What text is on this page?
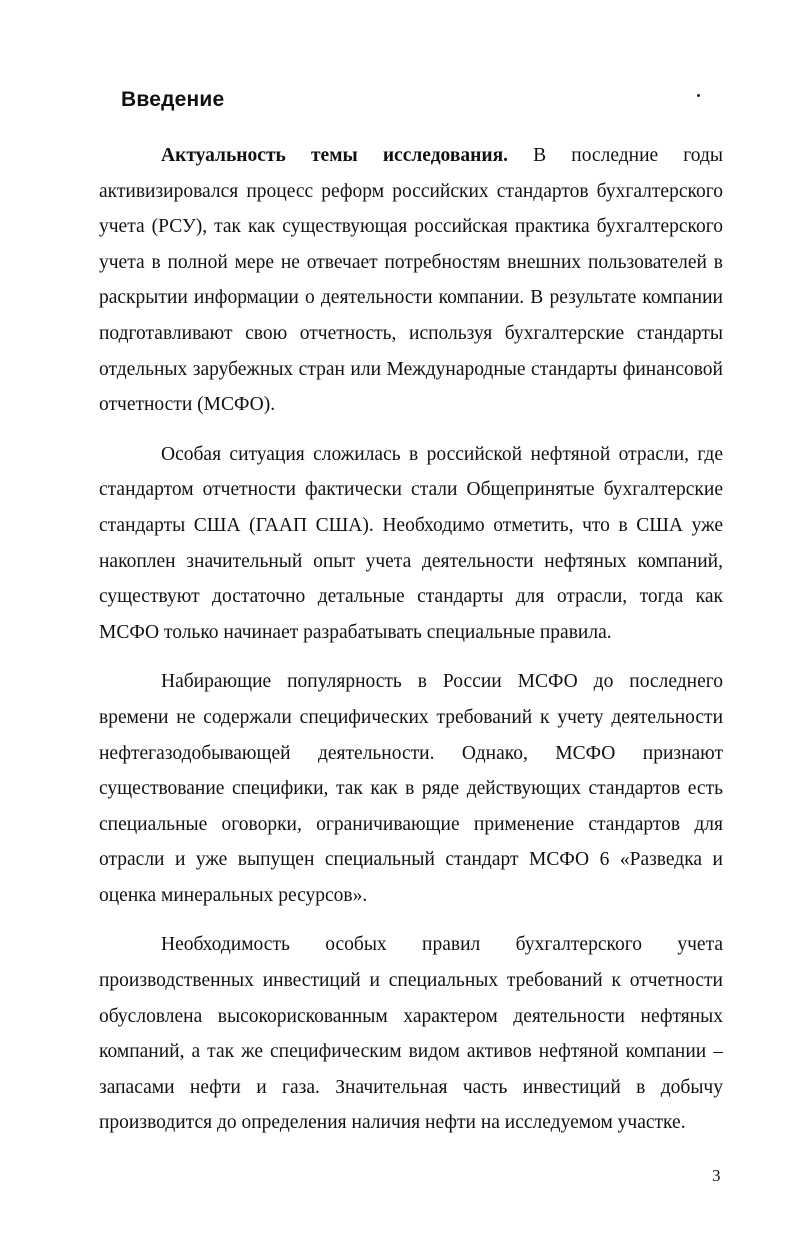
Введение

Актуальность темы исследования. В последние годы активизировался процесс реформ российских стандартов бухгалтерского учета (РСУ), так как существующая российская практика бухгалтерского учета в полной мере не отвечает потребностям внешних пользователей в раскрытии информации о деятельности компании. В результате компании подготавливают свою отчетность, используя бухгалтерские стандарты отдельных зарубежных стран или Международные стандарты финансовой отчетности (МСФО).

Особая ситуация сложилась в российской нефтяной отрасли, где стандартом отчетности фактически стали Общепринятые бухгалтерские стандарты США (ГААП США). Необходимо отметить, что в США уже накоплен значительный опыт учета деятельности нефтяных компаний, существуют достаточно детальные стандарты для отрасли, тогда как МСФО только начинает разрабатывать специальные правила.

Набирающие популярность в России МСФО до последнего времени не содержали специфических требований к учету деятельности нефтегазодобывающей деятельности. Однако, МСФО признают существование специфики, так как в ряде действующих стандартов есть специальные оговорки, ограничивающие применение стандартов для отрасли и уже выпущен специальный стандарт МСФО 6 «Разведка и оценка минеральных ресурсов».

Необходимость особых правил бухгалтерского учета производственных инвестиций и специальных требований к отчетности обусловлена высокорискованным характером деятельности нефтяных компаний, а так же специфическим видом активов нефтяной компании – запасами нефти и газа. Значительная часть инвестиций в добычу производится до определения наличия нефти на исследуемом участке.

3
